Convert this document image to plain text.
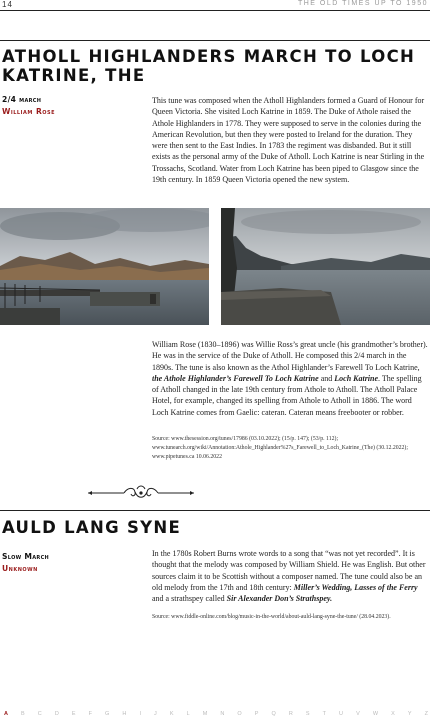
14	THE OLD TIMES UP TO 1950
ATHOLL HIGHLANDERS MARCH TO LOCH KATRINE, THE
2/4 march
William Rose
This tune was composed when the Atholl Highlanders formed a Guard of Honour for Queen Victoria. She visited Loch Katrine in 1859. The Duke of Athole raised the Athole Highlanders in 1778. They were supposed to serve in the colonies during the American Revolution, but then they were posted to Ireland for the duration. They were then sent to the East Indies. In 1783 the regiment was disbanded. But it still exists as the personal army of the Duke of Atholl. Loch Katrine is near Stirling in the Trossachs, Scotland. Water from Loch Katrine has been piped to Glasgow since the 19th century. In 1859 Queen Victoria opened the new system.
William Rose (1830–1896) was Willie Ross’s great uncle (his grandmother’s brother). He was in the service of the Duke of Atholl. He composed this 2/4 march in the 1890s. The tune is also known as the Athol Highlander’s Farewell To Loch Katrine, the Athole Highlander’s Farewell To Loch Katrine and Loch Katrine. The spelling of Atholl changed in the late 19th century from Athole to Atholl. The Atholl Palace Hotel, for example, changed its spelling from Athole to Atholl in 1886. The word Loch Katrine comes from Gaelic: cateran. Cateran means freebooter or robber.
Source: www.thesession.org/tunes/17986 (03.10.2022); (15/p. 147); (53/p. 112); www.tunearch.org/wiki/Annotation:Athole_Highlander%27s_Farewell_to_Loch_Katrine_(The) (30.12.2022); www.pipetunes.ca 10.06.2022
AULD LANG SYNE
Slow March
Unknown
In the 1780s Robert Burns wrote words to a song that “was not yet recorded”. It is thought that the melody was composed by William Shield. He was English. But other sources claim it to be Scottish without a composer named. The tune could also be an old melody from the 17th and 18th century: Miller’s Wedding, Lasses of the Ferry and a strathspey called Sir Alexander Don’s Strathspey.
Source: www.fiddle-online.com/blog/music-in-the-world/about-auld-lang-syne-the-tune/ (28.04.2023).
A B C D E F G H I J K L M N O P Q R S T U V W X Y Z
